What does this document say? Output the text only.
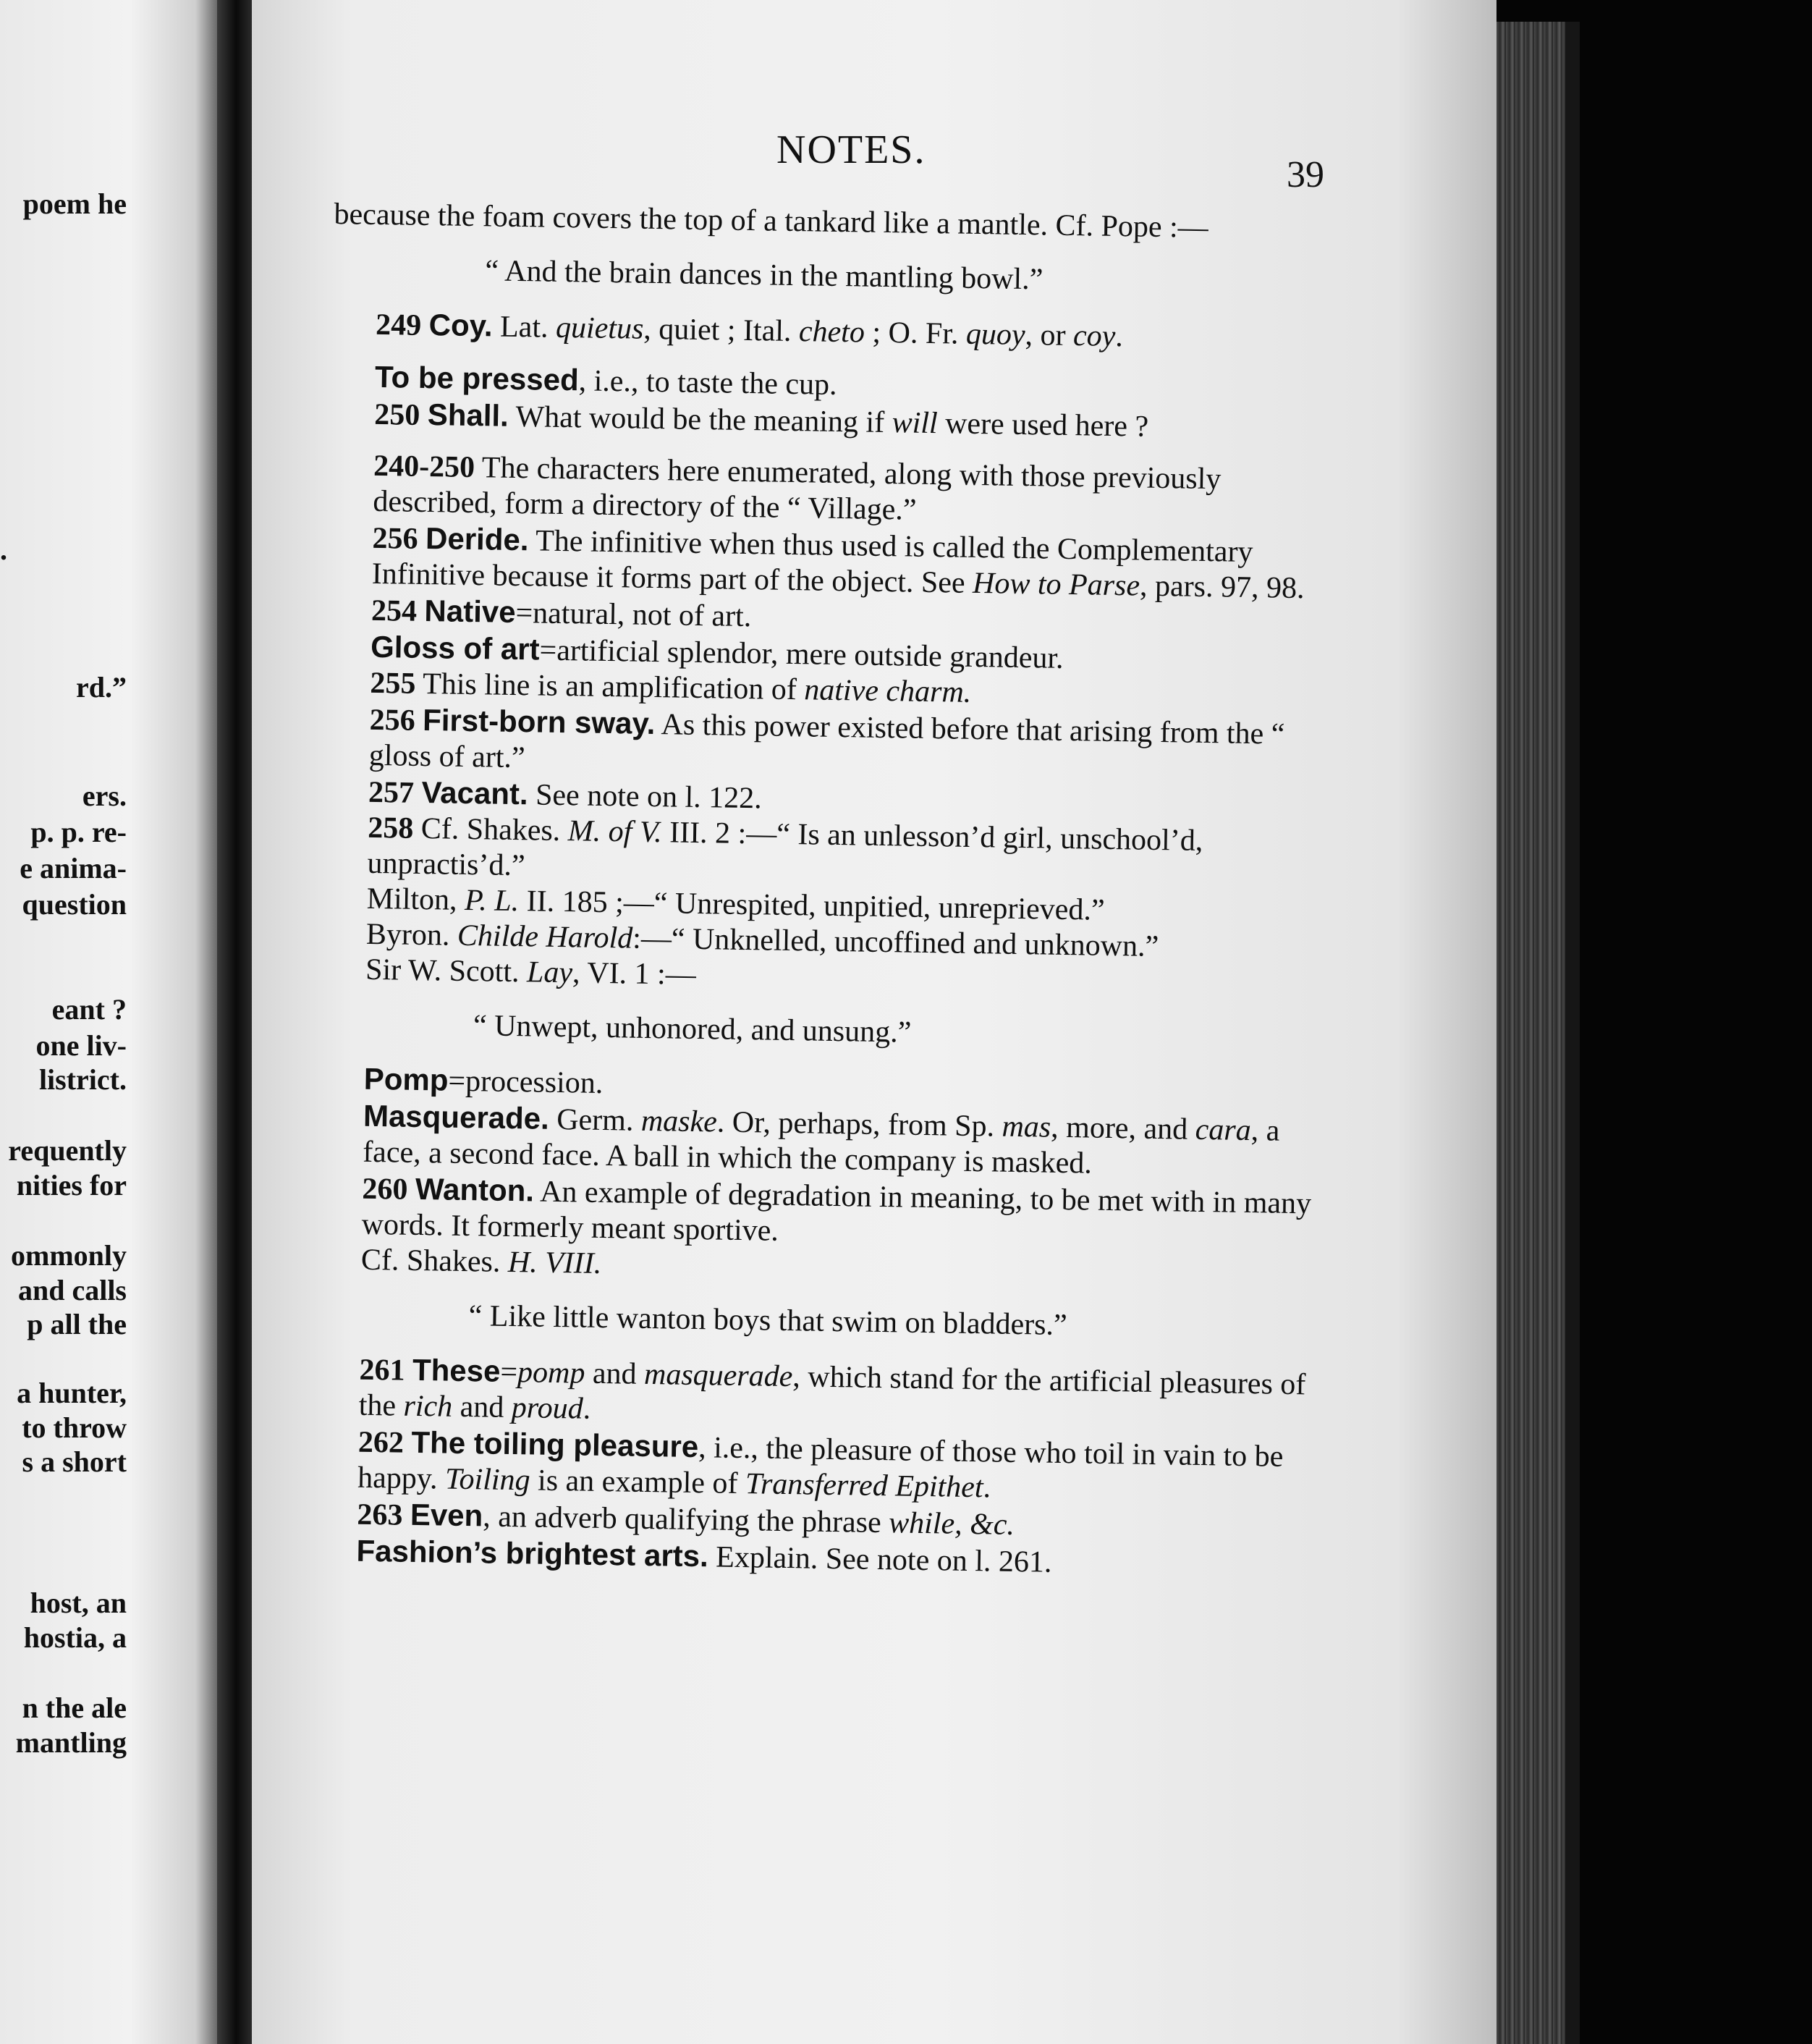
poem he
.
rd.”
ers.
p. p. re-
e anima-
question
eant ?
one liv-
listrict.
requently
nities for
ommonly
and calls
p all the
a hunter,
to throw
s a short
host, an
hostia, a
n the ale
mantling
NOTES.
39

because the foam covers the top of a tankard like a mantle. Cf. Pope :—

“ And the brain dances in the mantling bowl.”

249 Coy. Lat. quietus, quiet ; Ital. cheto ; O. Fr. quoy, or coy.

To be pressed, i.e., to taste the cup.

250 Shall. What would be the meaning if will were used here ?

240-250 The characters here enumerated, along with those previously described, form a directory of the “ Village.”

256 Deride. The infinitive when thus used is called the Complementary Infinitive because it forms part of the object. See How to Parse, pars. 97, 98.

254 Native=natural, not of art.

Gloss of art=artificial splendor, mere outside grandeur.

255 This line is an amplification of native charm.

256 First-born sway. As this power existed before that arising from the “ gloss of art.”

257 Vacant. See note on l. 122.

258 Cf. Shakes. M. of V. III. 2 :—“ Is an unlesson’d girl, unschool’d, unpractis’d.”

Milton, P. L. II. 185 ;—“ Unrespited, unpitied, unreprieved.”

Byron. Childe Harold:—“ Unknelled, uncoffined and unknown.”

Sir W. Scott. Lay, VI. 1 :—

“ Unwept, unhonored, and unsung.”

Pomp=procession.

Masquerade. Germ. maske. Or, perhaps, from Sp. mas, more, and cara, a face, a second face. A ball in which the company is masked.

260 Wanton. An example of degradation in meaning, to be met with in many words. It formerly meant sportive.

Cf. Shakes. H. VIII.

“ Like little wanton boys that swim on bladders.”

261 These=pomp and masquerade, which stand for the artificial pleasures of the rich and proud.

262 The toiling pleasure, i.e., the pleasure of those who toil in vain to be happy. Toiling is an example of Transferred Epithet.

263 Even, an adverb qualifying the phrase while, &c.

Fashion’s brightest arts. Explain. See note on l. 261.
